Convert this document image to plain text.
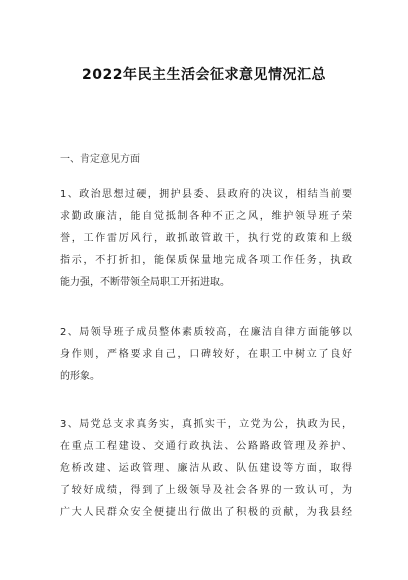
2022年民主生活会征求意见情况汇总
一、肯定意见方面
1、政治思想过硬，拥护县委、县政府的决议，相结当前要
求勤政廉洁，能自觉抵制各种不正之风，维护领导班子荣
誉，工作雷厉风行，敢抓敢管敢干，执行党的政策和上级
指示，不打折扣，能保质保量地完成各项工作任务，执政
能力强，不断带领全局职工开拓进取。
2、局领导班子成员整体素质较高，在廉洁自律方面能够以
身作则，严格要求自己，口碑较好，在职工中树立了良好
的形象。
3、局党总支求真务实，真抓实干，立党为公，执政为民，
在重点工程建设、交通行政执法、公路路政管理及养护、
危桥改建、运政管理、廉洁从政、队伍建设等方面，取得
了较好成绩，得到了上级领导及社会各界的一致认可，为
广大人民群众安全便捷出行做出了积极的贡献，为我县经
